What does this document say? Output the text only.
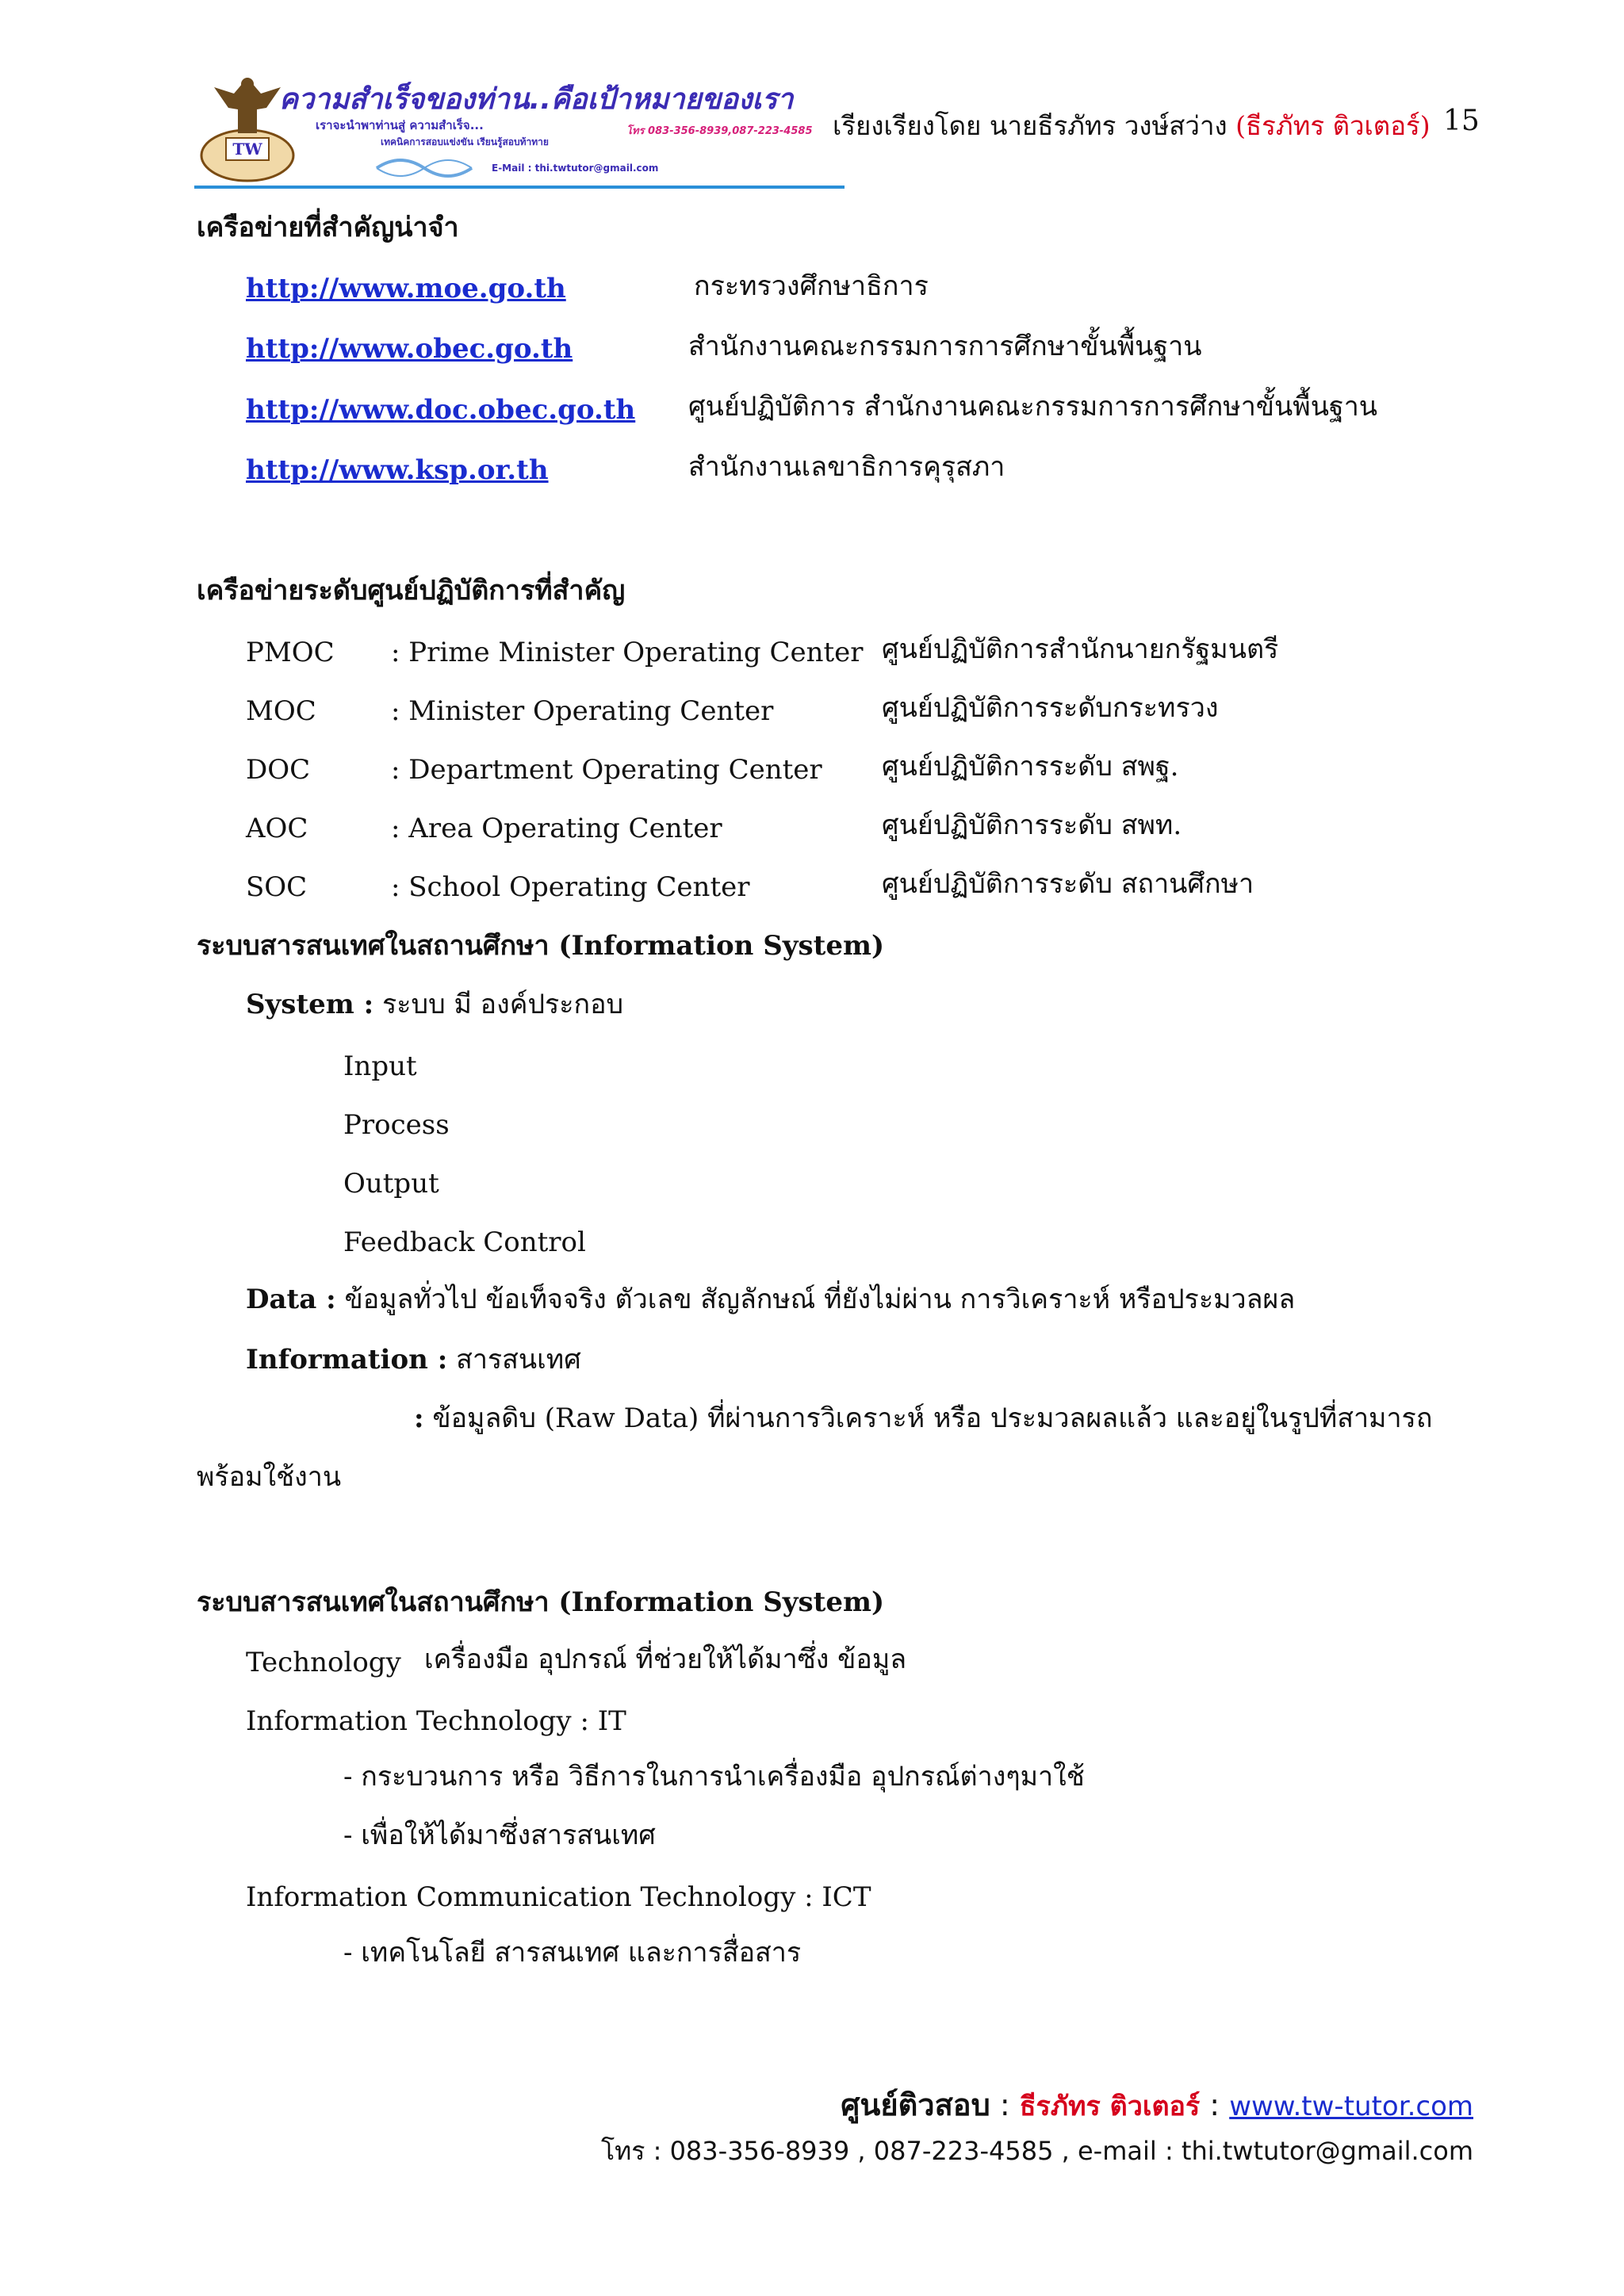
TW
ความสำเร็จของท่าน..คือเป้าหมายของเรา
เราจะนำพาท่านสู่ ความสำเร็จ...
เทคนิคการสอบแข่งขัน เรียนรู้สอบท้าทาย
โทร 083-356-8939,087-223-4585
E-Mail : thi.twtutor@gmail.com
เรียงเรียงโดย นายธีรภัทร วงษ์สว่าง (ธีรภัทร ติวเตอร์) 15
เครือข่ายที่สำคัญน่าจำ
http://www.moe.go.th	กระทรวงศึกษาธิการ
http://www.obec.go.th	สำนักงานคณะกรรมการการศึกษาขั้นพื้นฐาน
http://www.doc.obec.go.th ศูนย์ปฏิบัติการ สำนักงานคณะกรรมการการศึกษาขั้นพื้นฐาน
http://www.ksp.or.th	สำนักงานเลขาธิการคุรุสภา
เครือข่ายระดับศูนย์ปฏิบัติการที่สำคัญ
PMOC : Prime Minister Operating Center ศูนย์ปฏิบัติการสำนักนายกรัฐมนตรี
MOC	: Minister Operating Center	ศูนย์ปฏิบัติการระดับกระทรวง
DOC	: Department Operating Center ศูนย์ปฏิบัติการระดับ สพฐ.
AOC	: Area Operating Center	ศูนย์ปฏิบัติการระดับ สพท.
SOC	: School Operating Center	ศูนย์ปฏิบัติการระดับ สถานศึกษา
ระบบสารสนเทศในสถานศึกษา (Information System)
System : ระบบ มี องค์ประกอบ
Input
Process
Output
Feedback Control
Data : ข้อมูลทั่วไป ข้อเท็จจริง ตัวเลข สัญลักษณ์ ที่ยังไม่ผ่าน การวิเคราะห์ หรือประมวลผล
Information : สารสนเทศ
: ข้อมูลดิบ (Raw Data) ที่ผ่านการวิเคราะห์ หรือ ประมวลผลแล้ว และอยู่ในรูปที่สามารถ
พร้อมใช้งาน
ระบบสารสนเทศในสถานศึกษา (Information System)
Technology เครื่องมือ อุปกรณ์ ที่ช่วยให้ได้มาซึ่ง ข้อมูล
Information Technology : IT
- กระบวนการ หรือ วิธีการในการนำเครื่องมือ อุปกรณ์ต่างๆมาใช้
- เพื่อให้ได้มาซึ่งสารสนเทศ
Information Communication Technology : ICT
- เทคโนโลยี สารสนเทศ และการสื่อสาร
ศูนย์ติวสอบ : ธีรภัทร ติวเตอร์ : www.tw-tutor.com
โทร : 083-356-8939 , 087-223-4585 , e-mail : thi.twtutor@gmail.com
